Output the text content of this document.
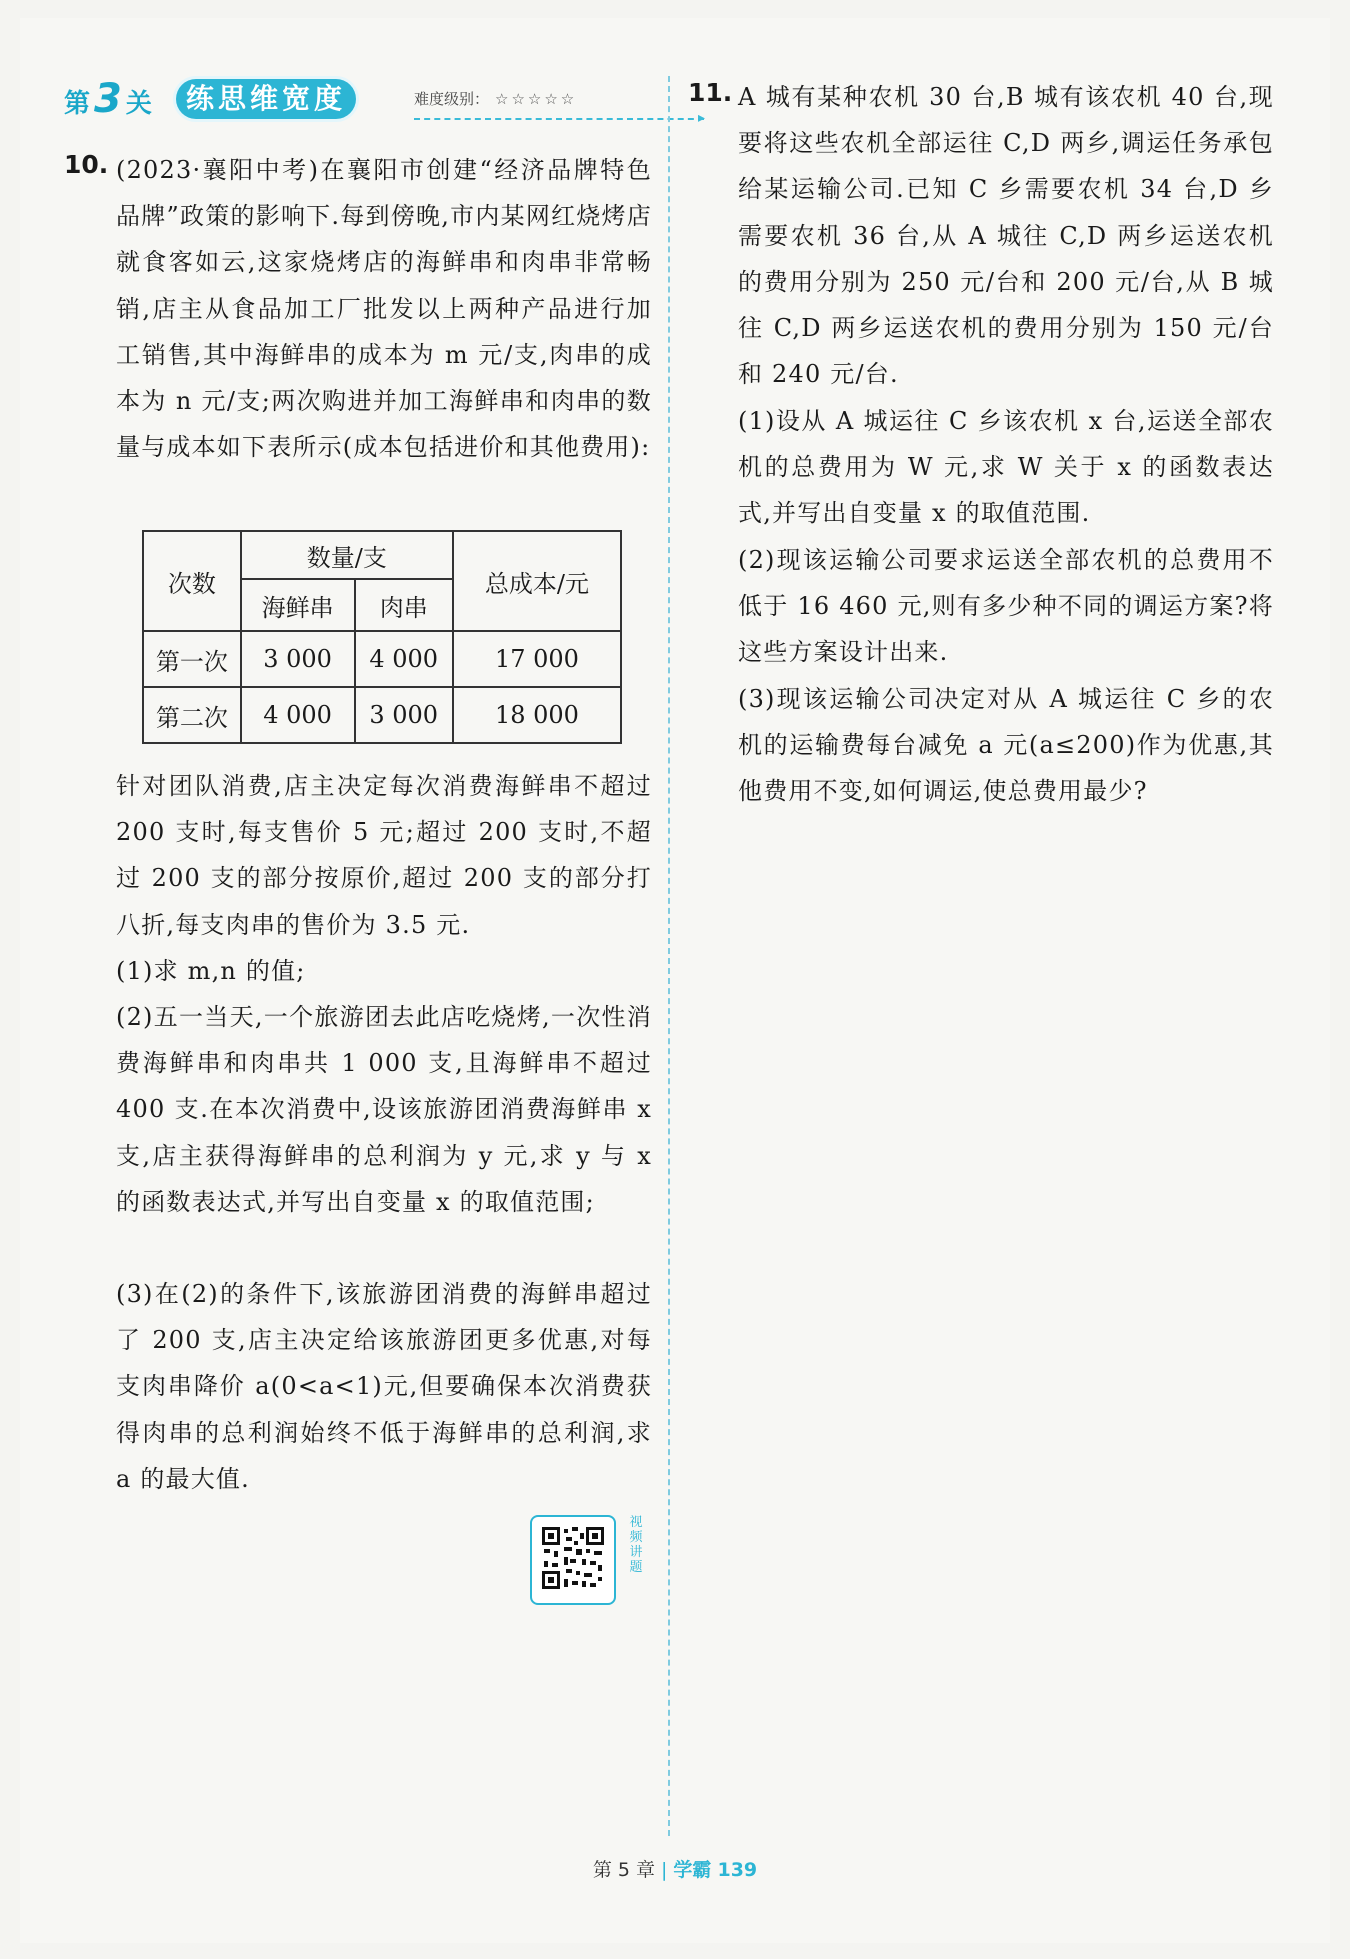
第 3 关	练思维宽度	难度级别： ☆☆☆☆☆
▸
10. (2023·襄阳中考)在襄阳市创建“经济品牌特色品牌”政策的影响下.每到傍晚,市内某网红烧烤店就食客如云,这家烧烤店的海鲜串和肉串非常畅销,店主从食品加工厂批发以上两种产品进行加工销售,其中海鲜串的成本为 m 元/支,肉串的成本为 n 元/支;两次购进并加工海鲜串和肉串的数量与成本如下表所示(成本包括进价和其他费用):
次数	数量/支		总成本/元
	海鲜串	肉串	
第一次	3 000	4 000	17 000
第二次	4 000	3 000	18 000
针对团队消费,店主决定每次消费海鲜串不超过 200 支时,每支售价 5 元;超过 200 支时,不超过 200 支的部分按原价,超过 200 支的部分打八折,每支肉串的售价为 3.5 元.
(1)求 m,n 的值;
(2)五一当天,一个旅游团去此店吃烧烤,一次性消费海鲜串和肉串共 1 000 支,且海鲜串不超过 400 支.在本次消费中,设该旅游团消费海鲜串 x 支,店主获得海鲜串的总利润为 y 元,求 y 与 x 的函数表达式,并写出自变量 x 的取值范围;
(3)在(2)的条件下,该旅游团消费的海鲜串超过了 200 支,店主决定给该旅游团更多优惠,对每支肉串降价 a(0<a<1)元,但要确保本次消费获得肉串的总利润始终不低于海鲜串的总利润,求 a 的最大值.
视频讲题
11. A 城有某种农机 30 台,B 城有该农机 40 台,现要将这些农机全部运往 C,D 两乡,调运任务承包给某运输公司.已知 C 乡需要农机 34 台,D 乡需要农机 36 台,从 A 城往 C,D 两乡运送农机的费用分别为 250 元/台和 200 元/台,从 B 城往 C,D 两乡运送农机的费用分别为 150 元/台和 240 元/台.
(1)设从 A 城运往 C 乡该农机 x 台,运送全部农机的总费用为 W 元,求 W 关于 x 的函数表达式,并写出自变量 x 的取值范围.
(2)现该运输公司要求运送全部农机的总费用不低于 16 460 元,则有多少种不同的调运方案?将这些方案设计出来.
(3)现该运输公司决定对从 A 城运往 C 乡的农机的运输费每台减免 a 元(a≤200)作为优惠,其他费用不变,如何调运,使总费用最少?
第 5 章 | 学霸 139
